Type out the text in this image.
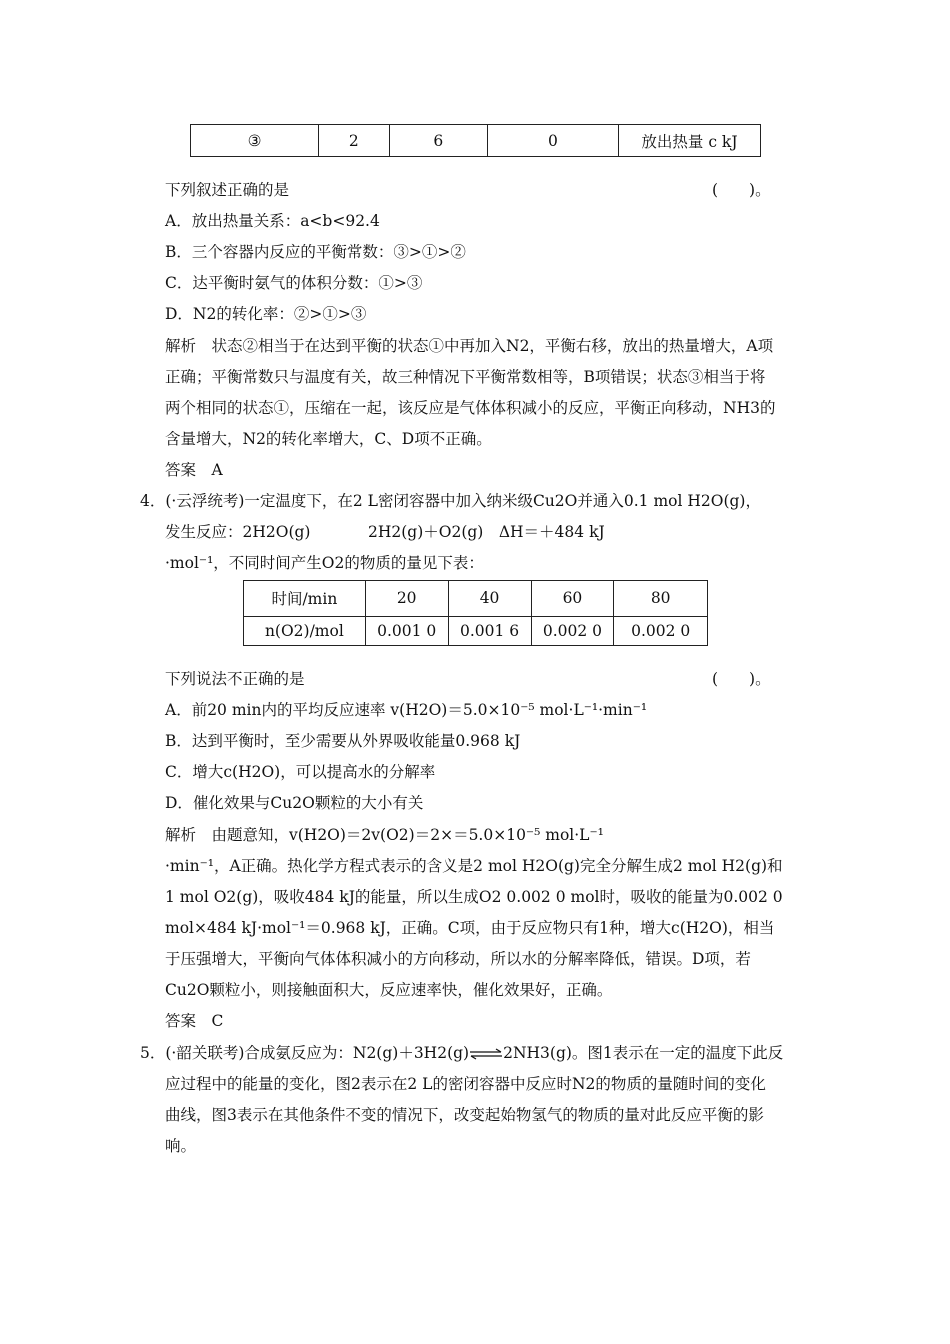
③	2	6	0	放出热量 c kJ
下列叙述正确的是	(　　)。
A．放出热量关系：a<b<92.4
B．三个容器内反应的平衡常数：③>①>②
C．达平衡时氨气的体积分数：①>③
D．N2的转化率：②>①>③
解析　状态②相当于在达到平衡的状态①中再加入N2，平衡右移，放出的热量增大，A项
正确；平衡常数只与温度有关，故三种情况下平衡常数相等，B项错误；状态③相当于将
两个相同的状态①，压缩在一起，该反应是气体体积减小的反应，平衡正向移动，NH3的
含量增大，N2的转化率增大，C、D项不正确。
答案　A
4．(·云浮统考)一定温度下，在2 L密闭容器中加入纳米级Cu2O并通入0.1 mol H2O(g)，
发生反应：2H2O(g)	2H2(g)＋O2(g)　ΔH＝＋484 kJ
·mol⁻¹，不同时间产生O2的物质的量见下表：
时间/min	20	40	60	80
n(O2)/mol	0.001 0	0.001 6	0.002 0	0.002 0
下列说法不正确的是	(　　)。
A．前20 min内的平均反应速率 v(H2O)＝5.0×10⁻⁵ mol·L⁻¹·min⁻¹
B．达到平衡时，至少需要从外界吸收能量0.968 kJ
C．增大c(H2O)，可以提高水的分解率
D．催化效果与Cu2O颗粒的大小有关
解析　由题意知，v(H2O)＝2v(O2)＝2×＝5.0×10⁻⁵ mol·L⁻¹
·min⁻¹，A正确。热化学方程式表示的含义是2 mol H2O(g)完全分解生成2 mol H2(g)和
1 mol O2(g)，吸收484 kJ的能量，所以生成O2 0.002 0 mol时，吸收的能量为0.002 0
mol×484 kJ·mol⁻¹＝0.968 kJ，正确。C项，由于反应物只有1种，增大c(H2O)，相当
于压强增大，平衡向气体体积减小的方向移动，所以水的分解率降低，错误。D项，若
Cu2O颗粒小，则接触面积大，反应速率快，催化效果好，正确。
答案　C
5．(·韶关联考)合成氨反应为：N2(g)＋3H2(g)⇌2NH3(g)。图1表示在一定的温度下此反
应过程中的能量的变化，图2表示在2 L的密闭容器中反应时N2的物质的量随时间的变化
曲线，图3表示在其他条件不变的情况下，改变起始物氢气的物质的量对此反应平衡的影
响。
